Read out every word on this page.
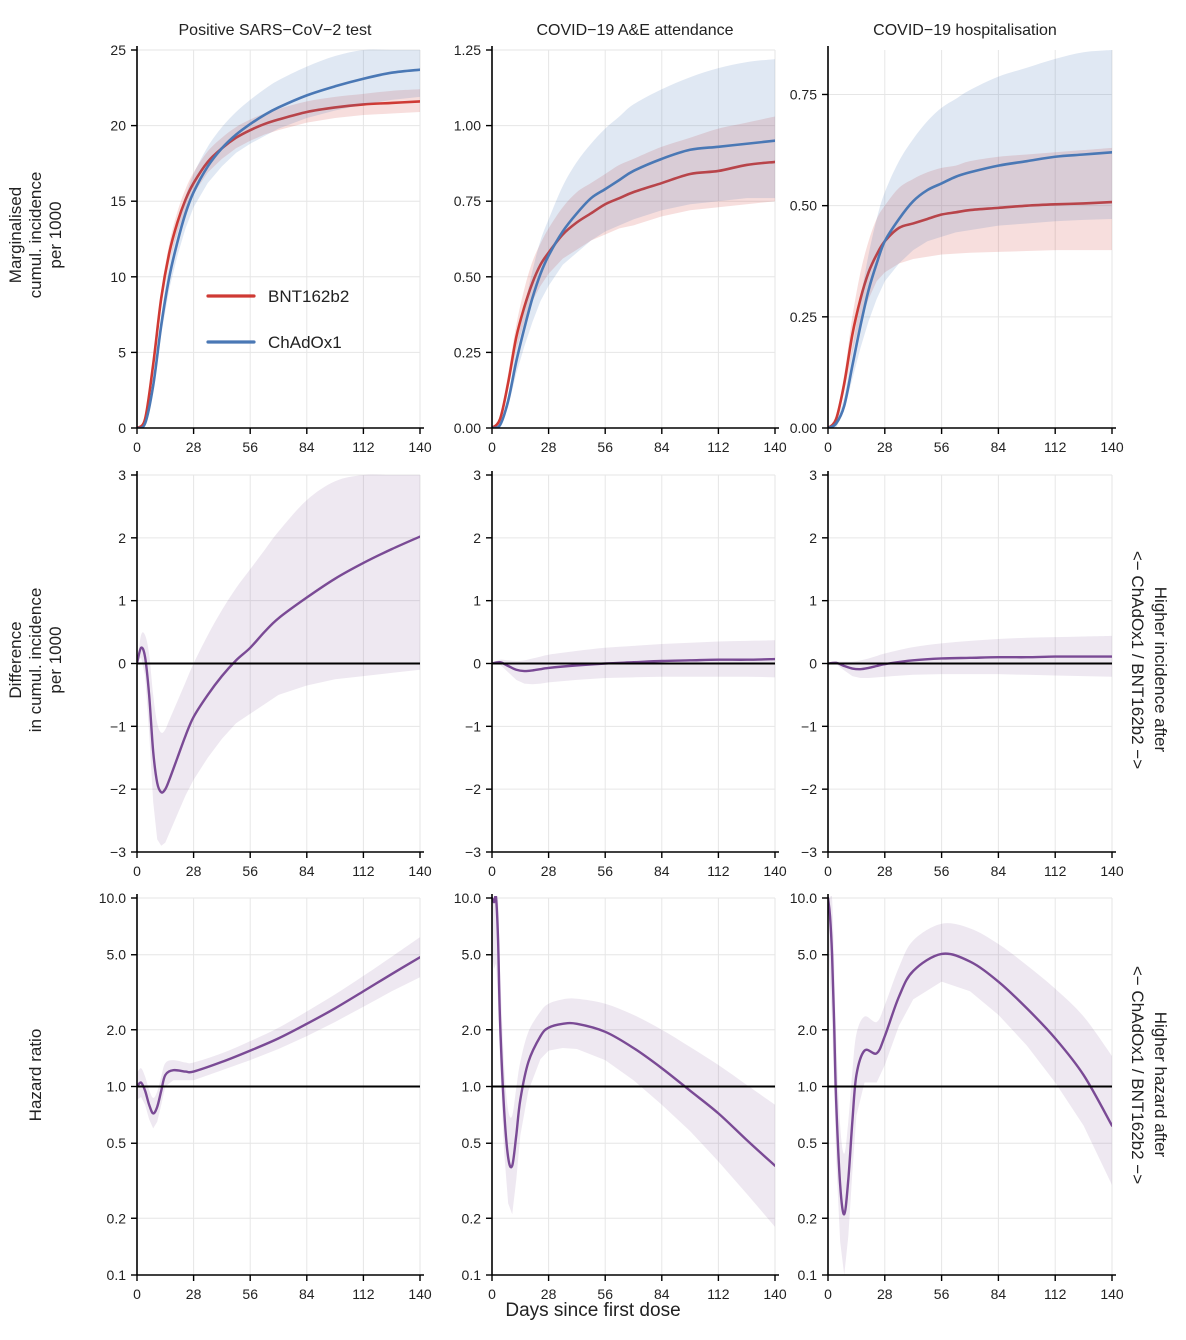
Positive SARS−CoV−2 test	COVID−19 A&E attendance	COVID−19 hospitalisation
Marginalised
cumul. incidence
per 1000
Difference
in cumul. incidence
per 1000
Hazard ratio

Higher incidence after
<− ChAdOx1 / BNT162b2 −>

Higher hazard after
<− ChAdOx1 / BNT162b2 −>

Days since first dose
0	28	56	84	112 140
0
5
10
15
20
25
0	28	56	84	112 140
0.00
0.25
0.50
0.75
1.00
1.25
0	28	56	84	112 140
0.00
0.25
0.50
0.75
0	28	56	84	112 140
−3
−2
−1
0
1
2
3
0	28	56	84	112 140
−3
−2
−1
0
1
2
3
0	28	56	84	112 140
−3
−2
−1
0
1
2
3
0	28	56	84	112 140
0.1
0.2
0.5
1.0
2.0
5.0
10.0
0	28	56	84	112 140
0.1
0.2
0.5
1.0
2.0
5.0
10.0
0	28	56	84	112 140
0.1
0.2
0.5
1.0
2.0
5.0
10.0
BNT162b2
ChAdOx1
